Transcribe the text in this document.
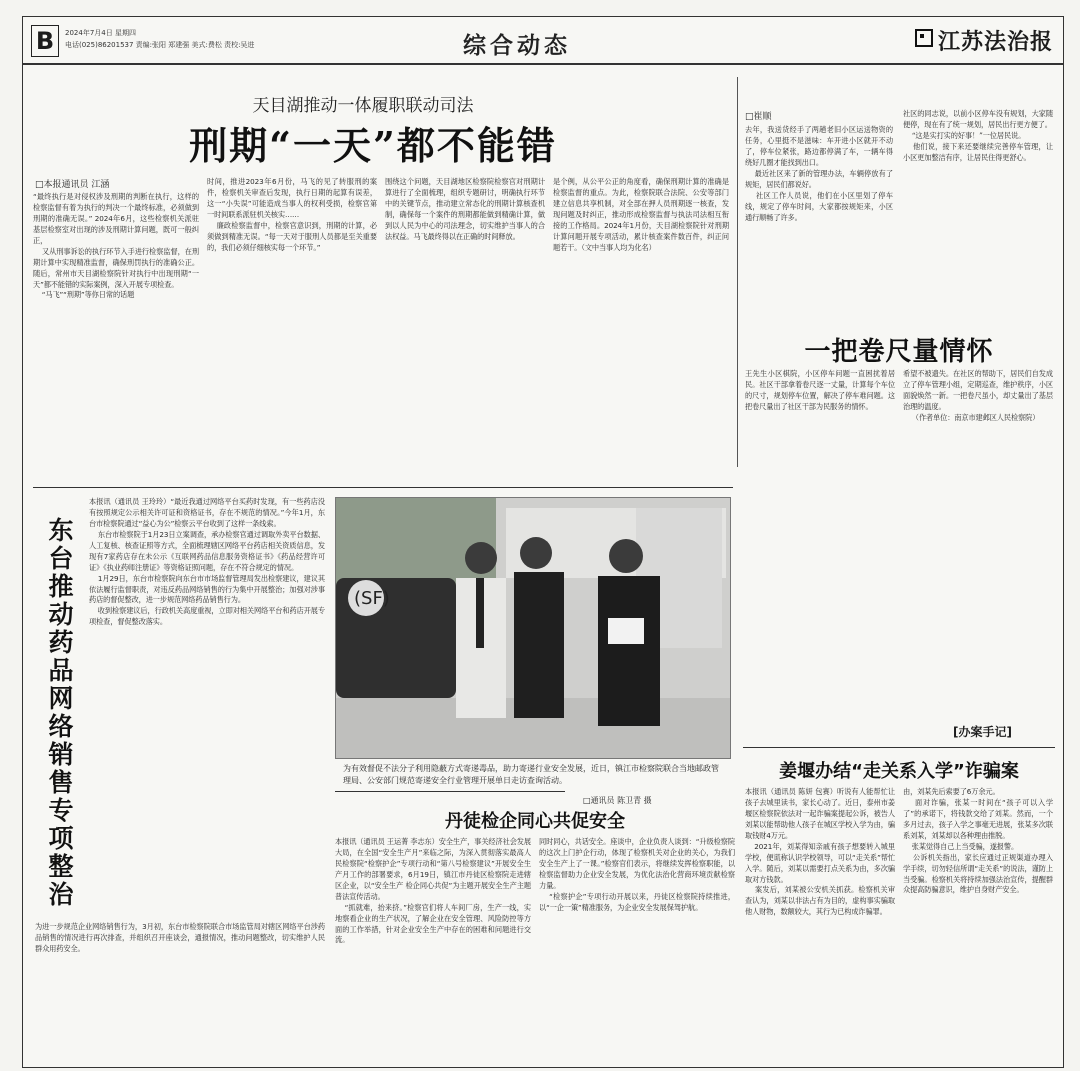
B	2024年7月4日 星期四
电话(025)86201537 责编:张阳 郑建强 美式:费松 责校:吴进	综合动态	江苏法治报
天目湖推动一体履职联动司法
刑期“一天”都不能错
□本报通讯员 江涵

“最终执行是对侵权涉及刑期的判断在执行，这样的检察监督有着为执行的判决一个最终标准，必须做到刑期的准确无误。” 2024年6月，这些检察机关派驻基层检察室对出现的涉及刑期计算问题，既可一般纠正，
又从刑事诉讼的执行环节入手进行检察监督，在刑期计算中实现精准监督，确保刑罚执行的准确公正。随后，常州市天目湖检察院针对执行中出现刑期“一天”都不能错的实际案例，深入开展专项检查。
“马飞”“刑期”等你日常的话题

时间，推进2023年6月份，马飞的见了转服刑的案件，检察机关审查后发现，执行日期的起算有误差，这一“小失误”可能造成当事人的权利受损，检察官第一时间联系派驻机关核实……
廉政检察监督中，检察官意识到，刑期的计算，必须做到精准无误。“每一天对于服刑人员都是至关重要的，我们必须仔细核实每一个环节。”

围绕这个问题，天目湖地区检察院检察官对刑期计算进行了全面梳理，组织专题研讨，明确执行环节中的关键节点，推动建立常态化的刑期计算核查机制，确保每一个案件的刑期都能做到精确计算，做到以人民为中心的司法理念，切实维护当事人的合法权益。马飞最终得以在正确的时间释放。

是个例，从公平公正的角度看，确保刑期计算的准确是检察监督的重点。为此，检察院联合法院、公安等部门建立信息共享机制，对全部在押人员刑期逐一核查，发现问题及时纠正，推动形成检察监督与执法司法相互衔接的工作格局。2024年1月份，天目湖检察院针对刑期计算问题开展专项活动，累计核查案件数百件，纠正问题若干。（文中当事人均为化名）

□崔顺

去年，我送货经手了两趟老旧小区运送物资的任务，心里挺不是滋味：车开进小区就开不动了，停车位紧张，路边都停满了车，一辆车得绕好几圈才能找到出口。
最近社区来了新的管理办法，车辆停放有了规矩，居民们都说好。
社区工作人员说，他们在小区里划了停车线，规定了停车时间，大家都按规矩来，小区通行顺畅了许多。

社区的同志说，以前小区停车没有规划，大家随便停，现在有了统一规划，居民出行更方便了。
“这是实打实的好事！”一位居民说。
他们说，接下来还要继续完善停车管理，让小区更加整洁有序，让居民住得更舒心。

一把卷尺量情怀

王先生小区棋院，小区停车问题一直困扰着居民。社区干部拿着卷尺逐一丈量，计算每个车位的尺寸，规划停车位置，解决了停车难问题。这把卷尺量出了社区干部为民服务的情怀。

希望不被遗失。在社区的帮助下，居民们自发成立了停车管理小组，定期巡查，维护秩序，小区面貌焕然一新。一把卷尺虽小，却丈量出了基层治理的温度。
（作者单位：南京市建邺区人民检察院）

[办案手记]
东台推动药品网络销售专项整治

本报讯（通讯员 王玲玲）“最近我通过网络平台买药时发现，有一些药店没有按照规定公示相关许可证和资格证书，存在不规范的情况。”今年1月，东台市检察院通过“益心为公”检察云平台收到了这样一条线索。
东台市检察院于1月23日立案调查，承办检察官通过调取外卖平台数据、人工复核、核查证照等方式，全面梳理辖区网络平台药店相关资质信息，发现有7家药店存在未公示《互联网药品信息服务资格证书》《药品经营许可证》《执业药师注册证》等资格证照问题，存在不符合规定的情况。
1月29日，东台市检察院向东台市市场监督管理局发出检察建议，建议其依法履行监督职责，对违反药品网络销售的行为集中开展整治；加强对涉事药店的督促整改，进一步规范网络药品销售行为。
收到检察建议后，行政机关高度重视，立即对相关网络平台和药店开展专项检查，督促整改落实。

为进一步规范企业网络销售行为，3月初，东台市检察院联合市场监管局对辖区网络平台涉药品销售的情况进行再次排查，并组织召开座谈会，通报情况，推动问题整改，切实维护人民群众用药安全。

(SF)
为有效督促不法分子利用隐蔽方式寄递毒品，助力寄递行业安全发展，近日，镇江市检察院联合当地邮政管理局、公安部门规范寄递安全行业管理开展单日走访查询活动。
□通讯员 陈卫青 摄
丹徒检企同心共促安全

本报讯（通讯员 王运菁 李志东）安全生产，事关经济社会发展大局，在全国“安全生产月”来临之际，为深入贯彻落实最高人民检察院“检察护企”专项行动和“第八号检察建议”开展安全生产月工作的部署要求，6月19日，镇江市丹徒区检察院走进辖区企业，以“安全生产 检企同心共促”为主题开展安全生产主题普法宣传活动。
“抓就难，抬来挤。”检察官们将人车间厂房，生产一线，实地察看企业的生产状况，了解企业在安全管理、风险防控等方面的工作举措，针对企业安全生产中存在的困难和问题进行交流。

同时同心，共话安全。座谈中，企业负责人谈到：“升级检察院的这次上门护企行动，体现了检察机关对企业的关心，为我们安全生产上了一课。”检察官们表示，将继续发挥检察职能，以检察监督助力企业安全发展，为优化法治化营商环境贡献检察力量。
“检察护企”专项行动开展以来，丹徒区检察院持续推进，以“一企一策”精准服务，为企业安全发展保驾护航。

姜堰办结“走关系入学”诈骗案

本报讯（通讯员 陈妍 包赛）听说有人能帮忙让孩子去城里读书，家长心动了。近日，泰州市姜堰区检察院依法对一起诈骗案提起公诉，被告人刘某以能帮助他人孩子在城区学校入学为由，骗取钱财4万元。
2021年，刘某得知亲戚有孩子想要转入城里学校，便谎称认识学校领导，可以“走关系”帮忙入学。随后，刘某以需要打点关系为由，多次骗取对方钱款。
案发后，刘某被公安机关抓获。检察机关审查认为，刘某以非法占有为目的，虚构事实骗取他人财物，数额较大，其行为已构成诈骗罪。

由，刘某先后索要了6万余元。
面对诈骗，张某一时间在“孩子可以入学了”的承诺下，将钱款交给了刘某。然而，一个多月过去，孩子入学之事毫无进展，张某多次联系刘某，刘某却以各种理由推脱。
张某觉得自己上当受骗，遂报警。
公诉机关指出，家长应通过正规渠道办理入学手续，切勿轻信所谓“走关系”的说法，谨防上当受骗。检察机关将持续加强法治宣传，提醒群众提高防骗意识，维护自身财产安全。
